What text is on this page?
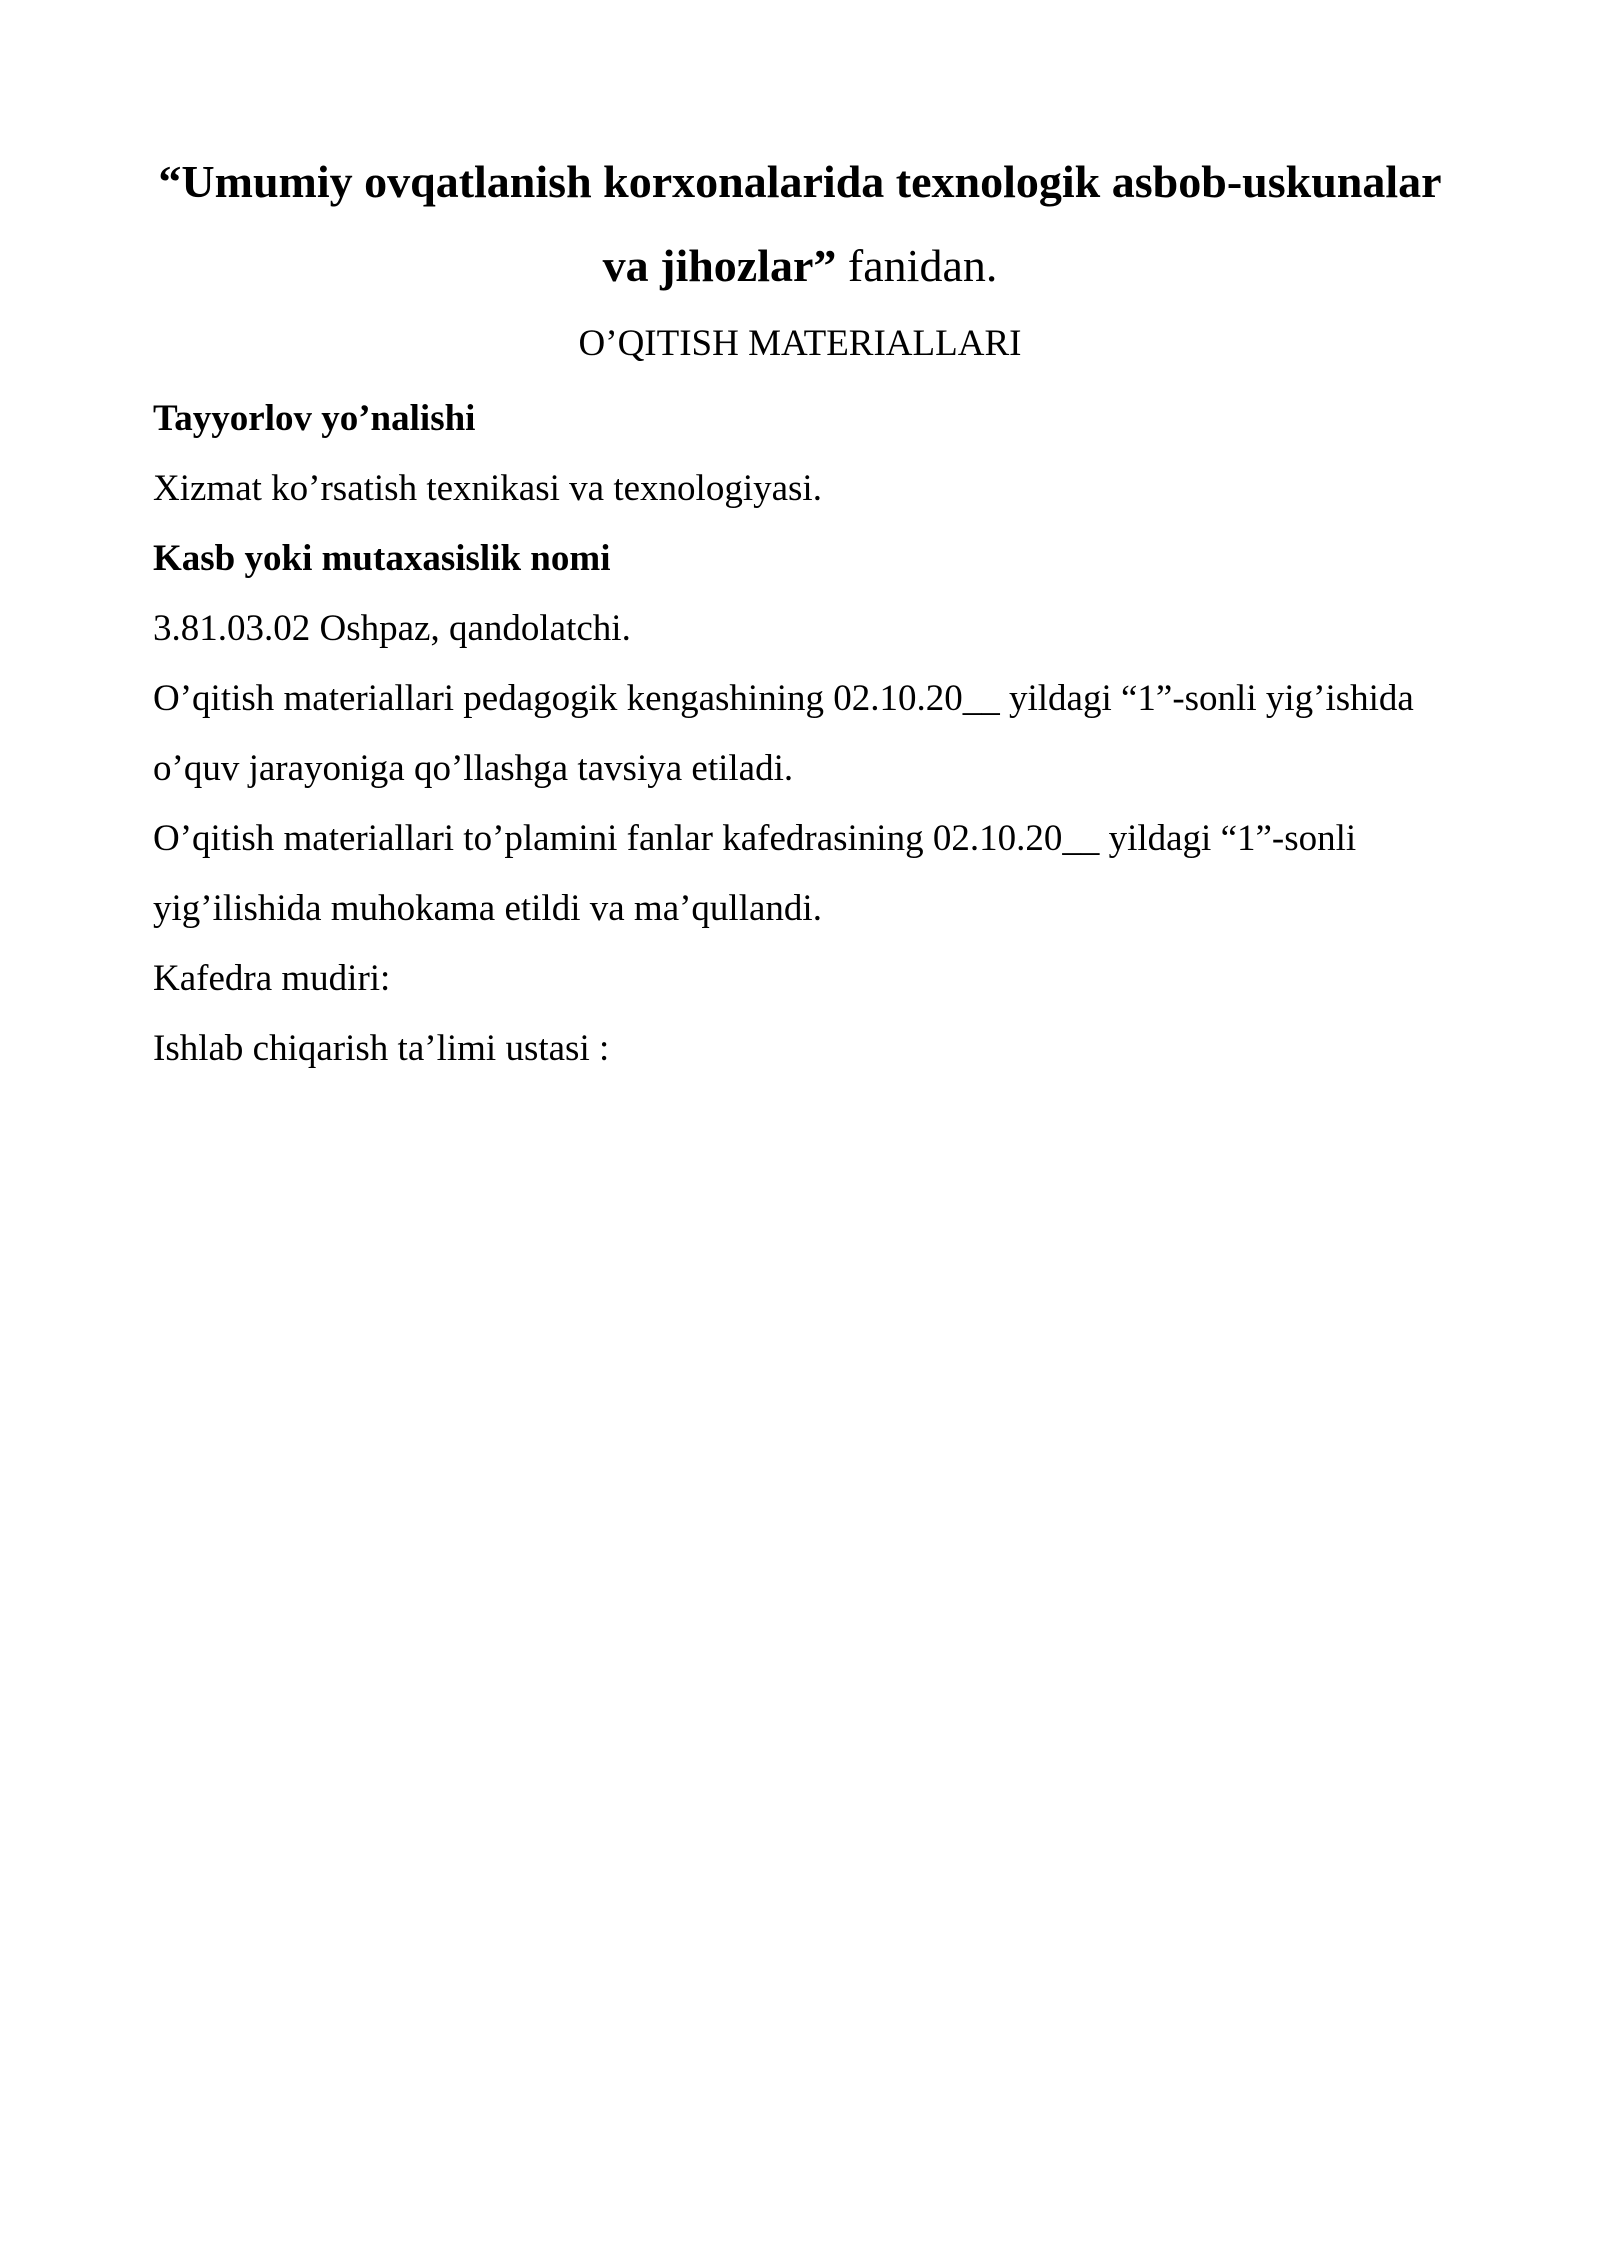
“Umumiy ovqatlanish korxonalarida texnologik asbob-uskunalar va jihozlar” fanidan.

O’QITISH MATERIALLARI

Tayyorlov yo’nalishi

Xizmat ko’rsatish texnikasi va texnologiyasi.

Kasb yoki mutaxasislik nomi

3.81.03.02 Oshpaz, qandolatchi.

O’qitish materiallari pedagogik kengashining 02.10.20__ yildagi “1”-sonli yig’ishida o’quv jarayoniga qo’llashga tavsiya etiladi.

O’qitish materiallari to’plamini fanlar kafedrasining 02.10.20__ yildagi “1”-sonli yig’ilishida muhokama etildi va ma’qullandi.

Kafedra mudiri:

Ishlab chiqarish ta’limi ustasi :
